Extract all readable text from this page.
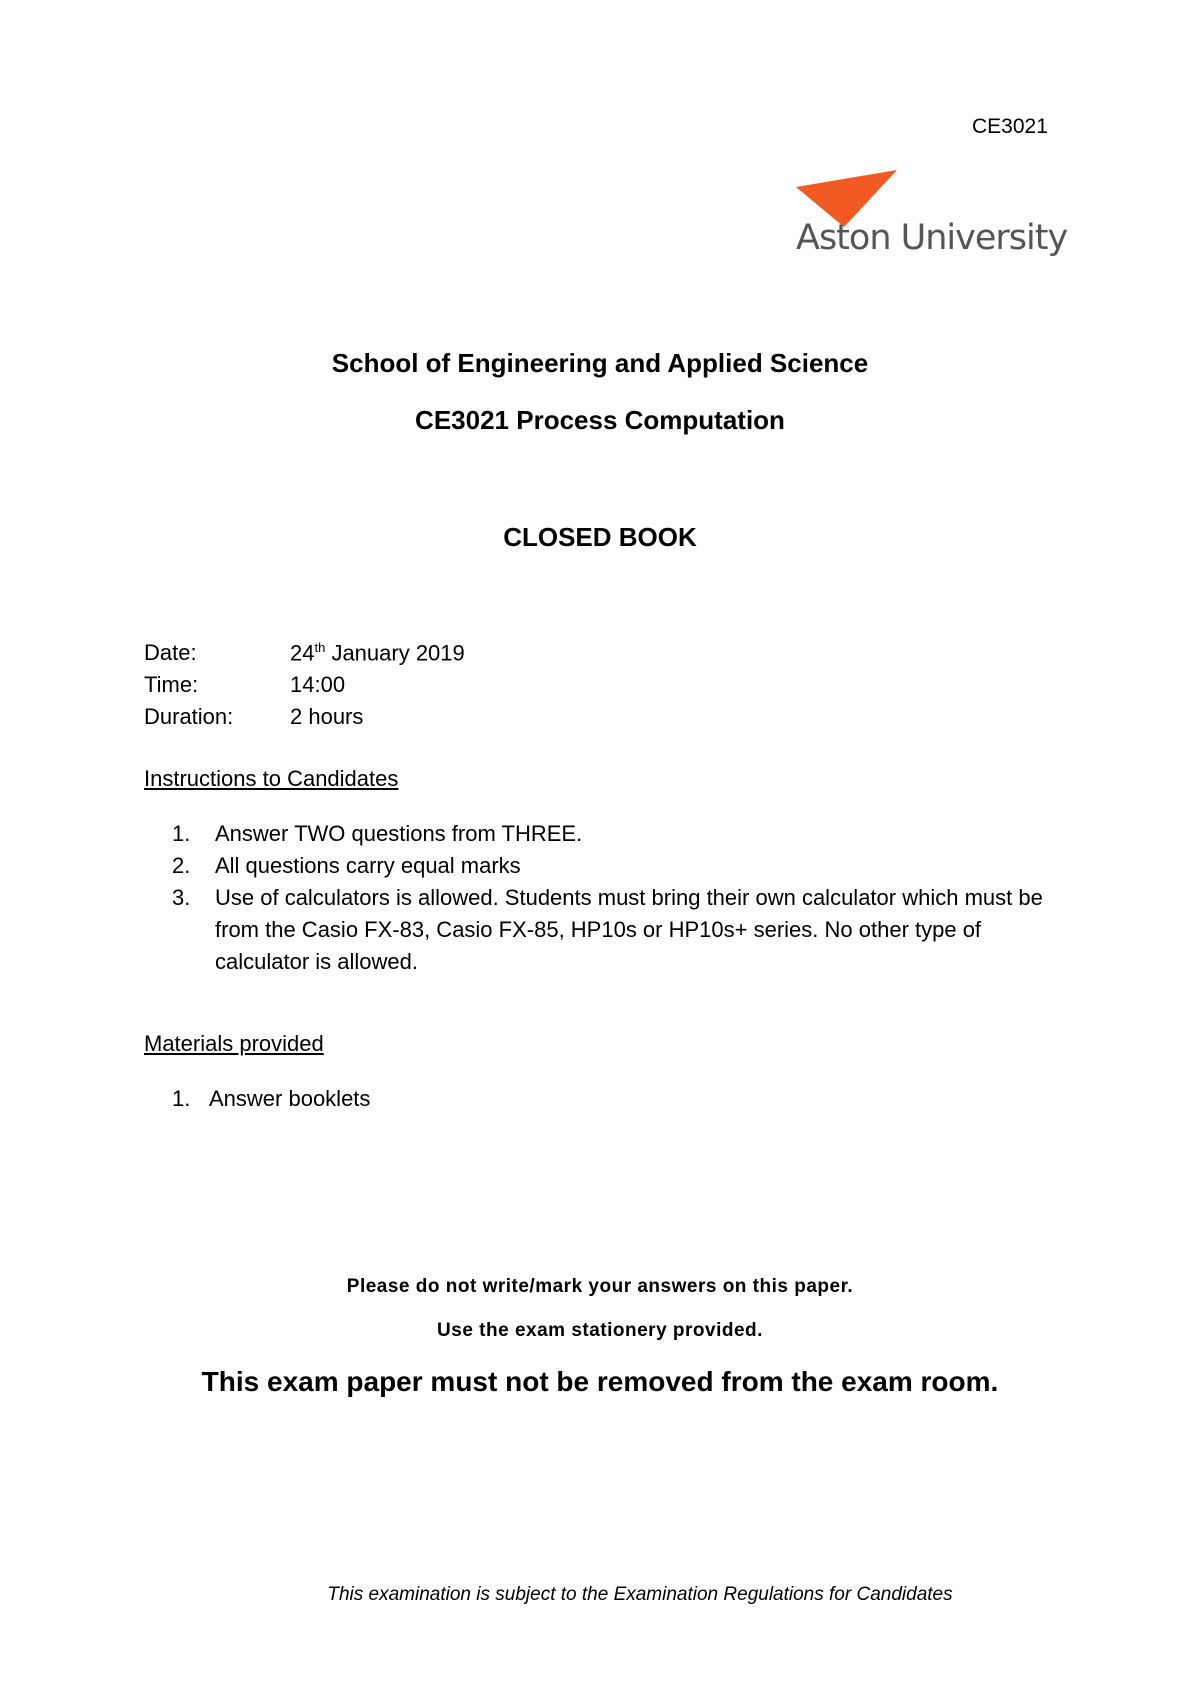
CE3021
Aston University
School of Engineering and Applied Science
CE3021 Process Computation
CLOSED BOOK
Date:	24th January 2019
Time:	14:00
Duration:	2 hours
Instructions to Candidates
1.	Answer TWO questions from THREE.
2.	All questions carry equal marks
3.	Use of calculators is allowed. Students must bring their own calculator which must be from the Casio FX-83, Casio FX-85, HP10s or HP10s+ series. No other type of calculator is allowed.
Materials provided
1. Answer booklets
Please do not write/mark your answers on this paper.
Use the exam stationery provided.
This exam paper must not be removed from the exam room.
This examination is subject to the Examination Regulations for Candidates
